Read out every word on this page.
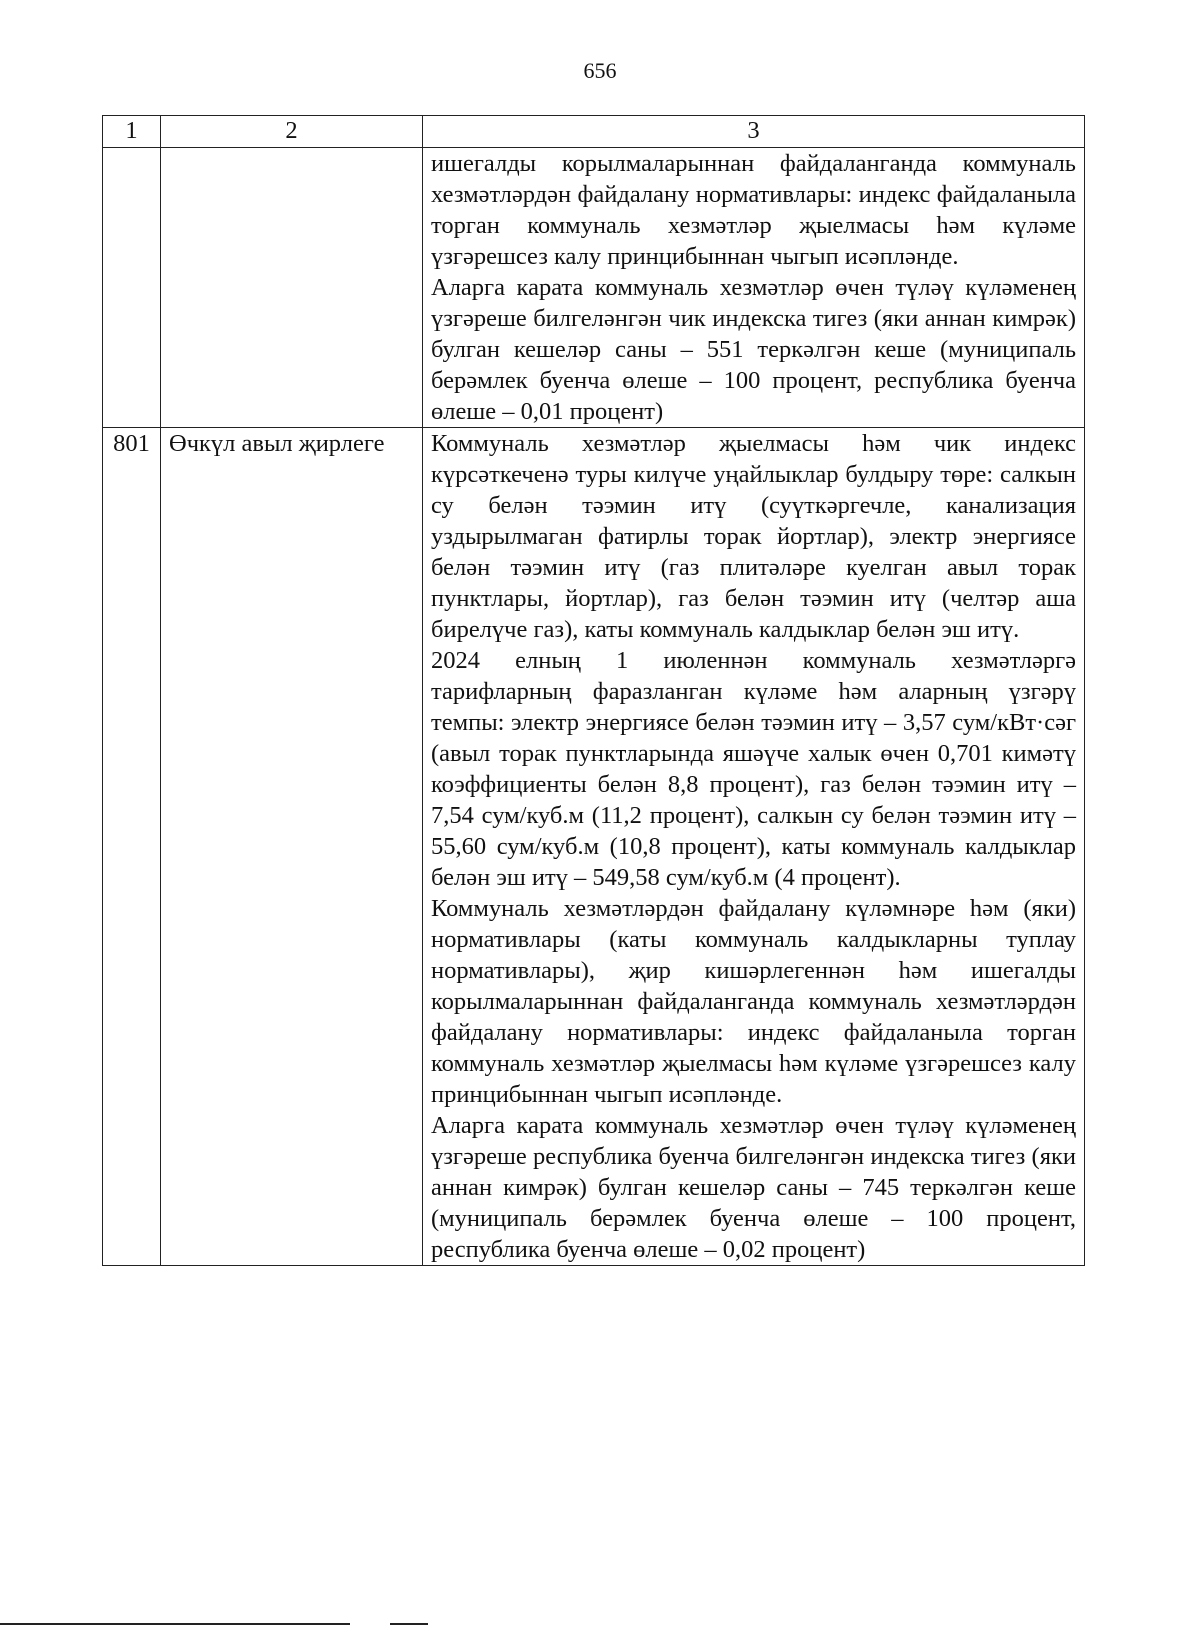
656
1	2	3

		ишегалды корылмаларыннан файдаланганда коммуналь хезмәтләрдән файдалану нормативлары: индекс файдаланыла торган коммуналь хезмәтләр җыелмасы һәм күләме үзгәрешсез калу принцибыннан чыгып исәпләнде.

Аларга карата коммуналь хезмәтләр өчен түләү күләменең үзгәреше билгеләнгән чик индекска тигез (яки аннан кимрәк) булган кешеләр саны – 551 теркәлгән кеше (муниципаль берәмлек буенча өлеше – 100 процент, республика буенча өлеше – 0,01 процент)

801	Өчкүл авыл җирлеге	Коммуналь хезмәтләр җыелмасы һәм чик индекс күрсәткеченә туры килүче уңайлыклар булдыру төре: салкын су белән тәэмин итү (суүткәргечле, канализация уздырылмаган фатирлы торак йортлар), электр энергиясе белән тәэмин итү (газ плитәләре куелган авыл торак пунктлары, йортлар), газ белән тәэмин итү (челтәр аша бирелүче газ), каты коммуналь калдыклар белән эш итү.

2024 елның 1 июленнән коммуналь хезмәтләргә тарифларның фаразланган күләме һәм аларның үзгәрү темпы: электр энергиясе белән тәэмин итү – 3,57 сум/кВт·сәг (авыл торак пунктларында яшәүче халык өчен 0,701 кимәтү коэффициенты белән 8,8 процент), газ белән тәэмин итү – 7,54 сум/куб.м (11,2 процент), салкын су белән тәэмин итү – 55,60 сум/куб.м (10,8 процент), каты коммуналь калдыклар белән эш итү – 549,58 сум/куб.м (4 процент).

Коммуналь хезмәтләрдән файдалану күләмнәре һәм (яки) нормативлары (каты коммуналь калдыкларны туплау нормативлары), җир кишәрлегеннән һәм ишегалды корылмаларыннан файдаланганда коммуналь хезмәтләрдән файдалану нормативлары: индекс файдаланыла торган коммуналь хезмәтләр җыелмасы һәм күләме үзгәрешсез калу принцибыннан чыгып исәпләнде.

Аларга карата коммуналь хезмәтләр өчен түләү күләменең үзгәреше республика буенча билгеләнгән индекска тигез (яки аннан кимрәк) булган кешеләр саны – 745 теркәлгән кеше (муниципаль берәмлек буенча өлеше – 100 процент, республика буенча өлеше – 0,02 процент)
